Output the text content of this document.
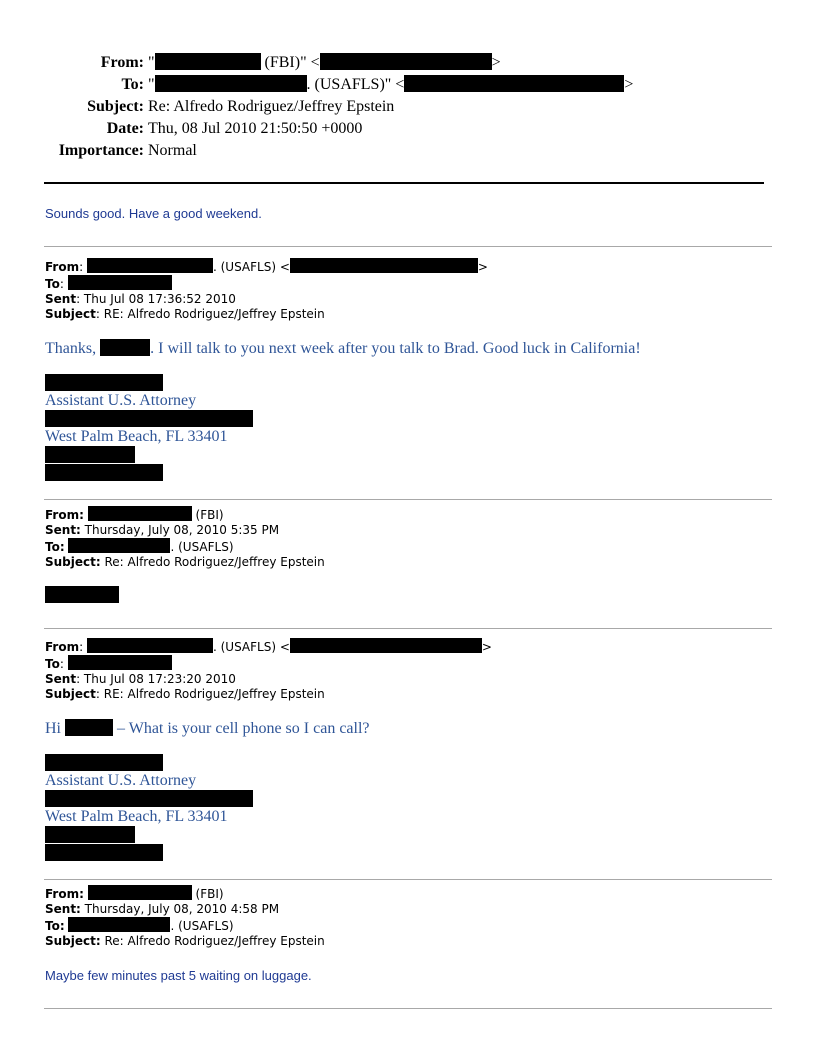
From: "	(FBI)" <	>
To: "	. (USAFLS)" <	>
Subject: Re: Alfredo Rodriguez/Jeffrey Epstein
Date: Thu, 08 Jul 2010 21:50:50 +0000
Importance: Normal
Sounds good. Have a good weekend.
From:	. (USAFLS) <	>
To:
Sent: Thu Jul 08 17:36:52 2010
Subject: RE: Alfredo Rodriguez/Jeffrey Epstein
Thanks,	. I will talk to you next week after you talk to Brad. Good luck in California!
Assistant U.S. Attorney
West Palm Beach, FL 33401
From:	(FBI)
Sent: Thursday, July 08, 2010 5:35 PM
To:	. (USAFLS)
Subject: Re: Alfredo Rodriguez/Jeffrey Epstein
From:	. (USAFLS) <	>
To:
Sent: Thu Jul 08 17:23:20 2010
Subject: RE: Alfredo Rodriguez/Jeffrey Epstein
Hi	– What is your cell phone so I can call?
Assistant U.S. Attorney
West Palm Beach, FL 33401
From:	(FBI)
Sent: Thursday, July 08, 2010 4:58 PM
To:	. (USAFLS)
Subject: Re: Alfredo Rodriguez/Jeffrey Epstein
Maybe few minutes past 5 waiting on luggage.
